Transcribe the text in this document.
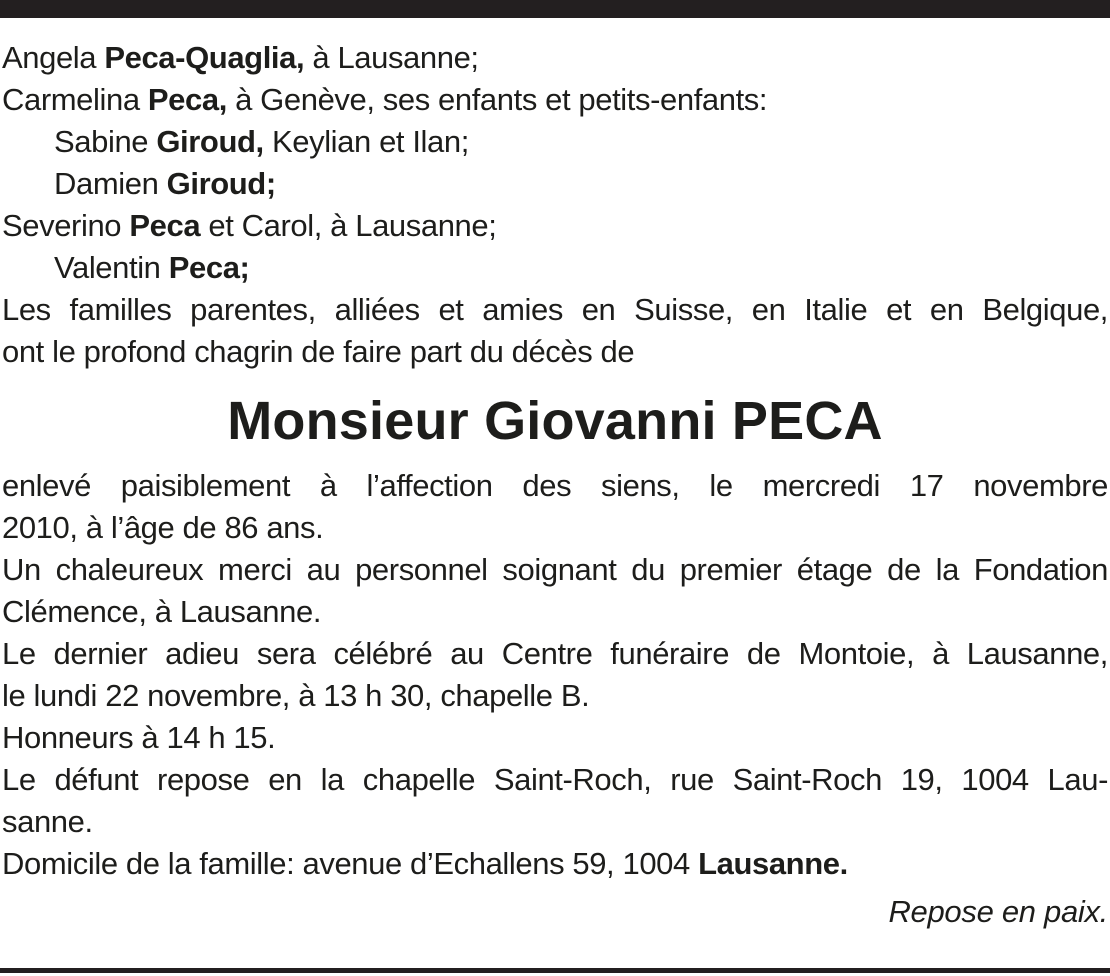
Angela Peca-Quaglia, à Lausanne;
Carmelina Peca, à Genève, ses enfants et petits-enfants:
Sabine Giroud, Keylian et Ilan;
Damien Giroud;
Severino Peca et Carol, à Lausanne;
Valentin Peca;
Les familles parentes, alliées et amies en Suisse, en Italie et en Belgique,
ont le profond chagrin de faire part du décès de
Monsieur Giovanni PECA
enlevé paisiblement à l’affection des siens, le mercredi 17 novembre
2010, à l’âge de 86 ans.
Un chaleureux merci au personnel soignant du premier étage de la Fondation
Clémence, à Lausanne.
Le dernier adieu sera célébré au Centre funéraire de Montoie, à Lausanne,
le lundi 22 novembre, à 13 h 30, chapelle B.
Honneurs à 14 h 15.
Le défunt repose en la chapelle Saint-Roch, rue Saint-Roch 19, 1004 Lau-
sanne.
Domicile de la famille: avenue d’Echallens 59, 1004 Lausanne.
Repose en paix.
